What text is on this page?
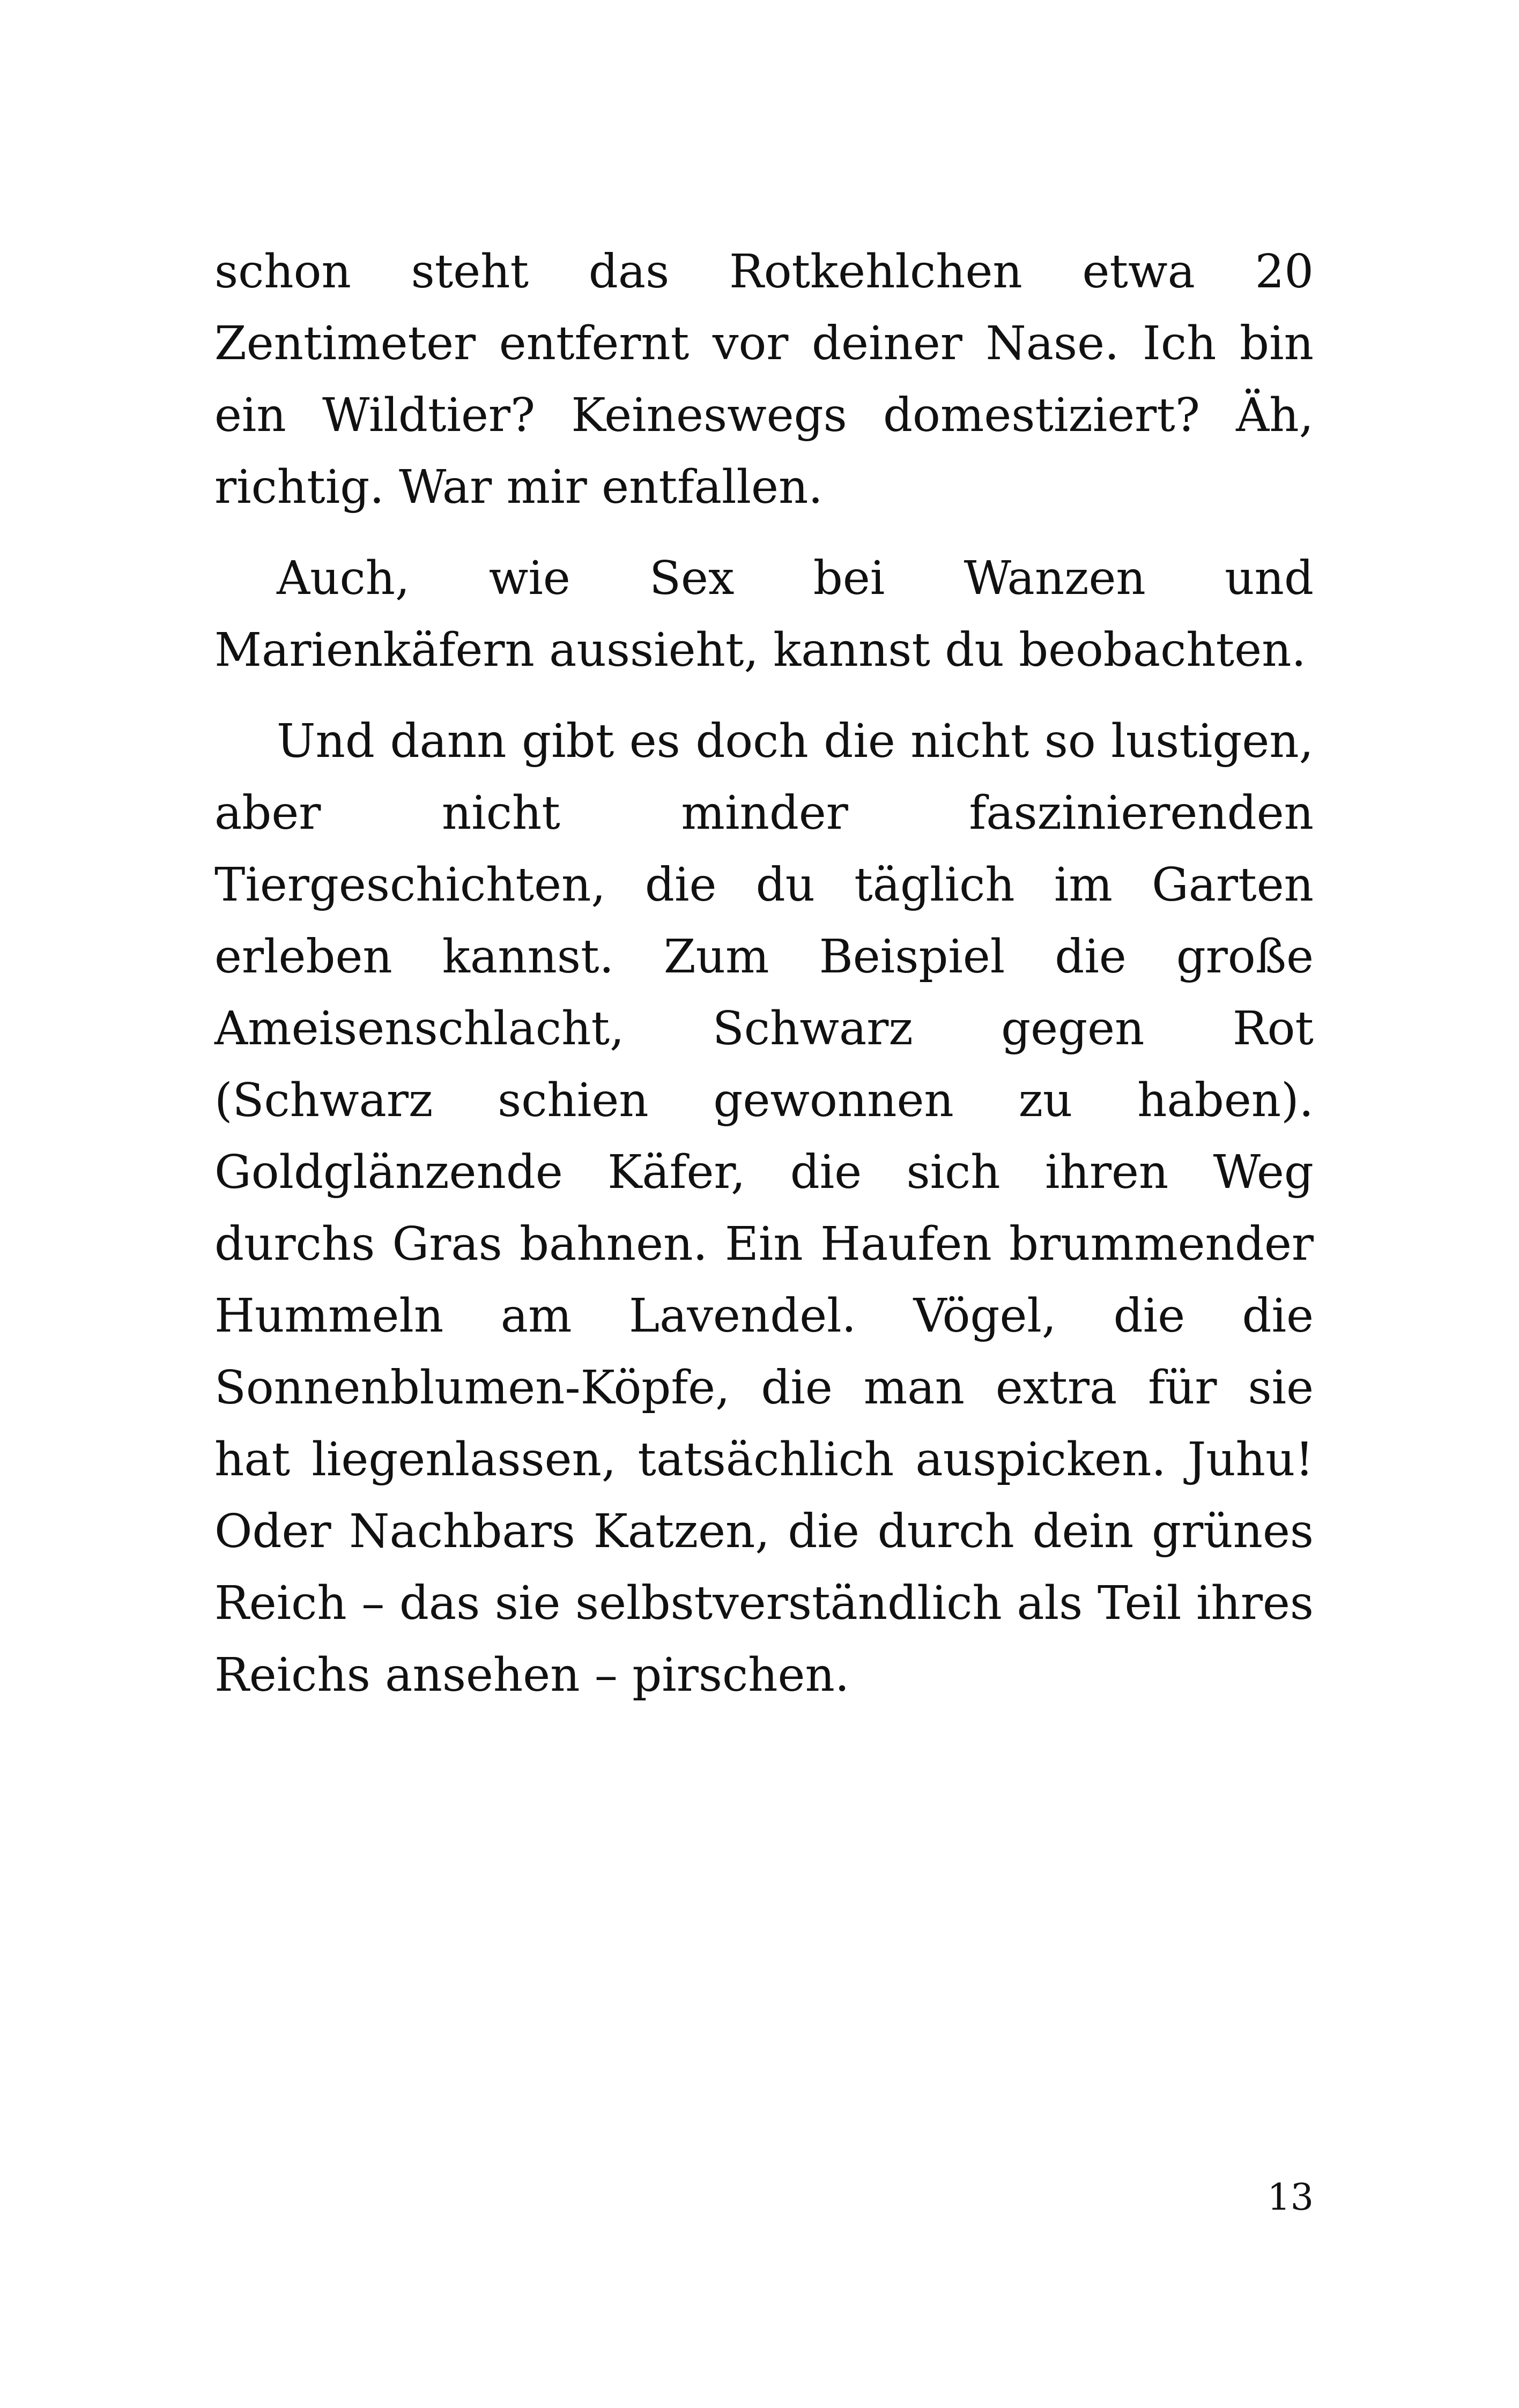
schon steht das Rotkehlchen etwa 20 Zentimeter entfernt vor deiner Nase. Ich bin ein Wildtier? Keineswegs domestiziert? Äh, richtig. War mir entfallen.

Auch, wie Sex bei Wanzen und Marienkäfern aussieht, kannst du beobachten.

Und dann gibt es doch die nicht so lustigen, aber nicht minder faszinierenden Tiergeschichten, die du täglich im Garten erleben kannst. Zum Beispiel die große Ameisenschlacht, Schwarz gegen Rot (Schwarz schien gewonnen zu haben). Goldglänzende Käfer, die sich ihren Weg durchs Gras bahnen. Ein Haufen brummender Hummeln am Lavendel. Vögel, die die Sonnenblumen-Köpfe, die man extra für sie hat liegenlassen, tatsächlich auspicken. Juhu! Oder Nachbars Katzen, die durch dein grünes Reich – das sie selbstverständlich als Teil ihres Reichs ansehen – pirschen.

13
